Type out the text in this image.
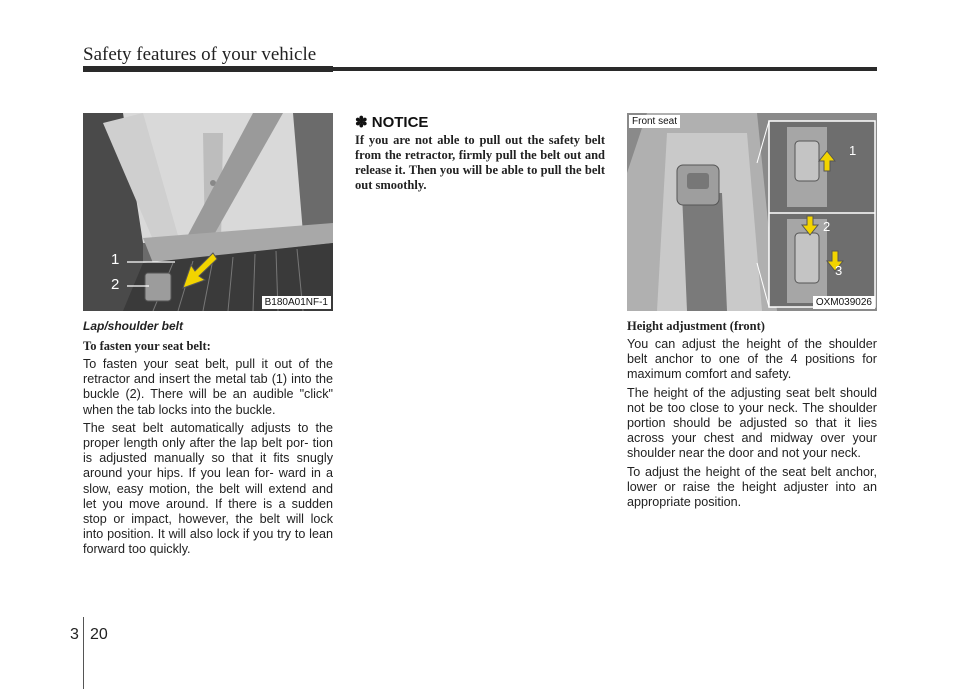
Safety features of your vehicle
1
2
B180A01NF-1
Lap/shoulder belt
To fasten your seat belt:

To fasten your seat belt, pull it out of the retractor and insert the metal tab (1) into the buckle (2). There will be an audible "click" when the tab locks into the buckle.

The seat belt automatically adjusts to the proper length only after the lap belt por- tion is adjusted manually so that it fits snugly around your hips. If you lean for- ward in a slow, easy motion, the belt will extend and let you move around. If there is a sudden stop or impact, however, the belt will lock into position. It will also lock if you try to lean forward too quickly.

✽ NOTICE
If you are not able to pull out the safety belt from the retractor, firmly pull the belt out and release it. Then you will be able to pull the belt out smoothly.
1
2
3
Front seat
OXM039026
Height adjustment (front)

You can adjust the height of the shoulder belt anchor to one of the 4 positions for maximum comfort and safety.

The height of the adjusting seat belt should not be too close to your neck. The shoulder portion should be adjusted so that it lies across your chest and midway over your shoulder near the door and not your neck.

To adjust the height of the seat belt anchor, lower or raise the height adjuster into an appropriate position.

3 20
